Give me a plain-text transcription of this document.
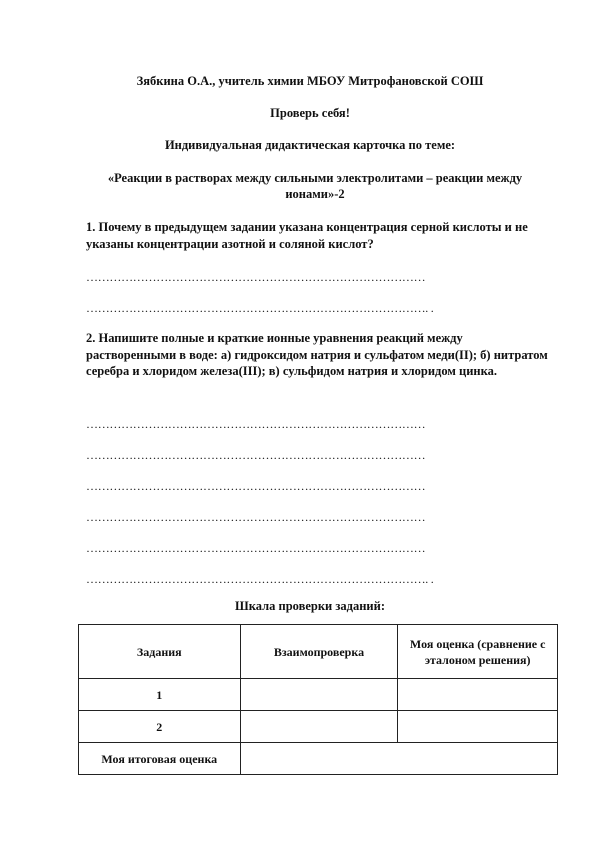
Зябкина О.А., учитель химии МБОУ Митрофановской СОШ
Проверь себя!
Индивидуальная дидактическая карточка по теме:
«Реакции в растворах между сильными электролитами – реакции между ионами»-2
1. Почему в предыдущем задании указана концентрация серной кислоты и не указаны концентрации азотной и соляной кислот?
……………………………………………………………………………
……………………………………………………………………………. .
2. Напишите полные и краткие ионные уравнения реакций между растворенными в воде: а) гидроксидом натрия и сульфатом меди(II); б) нитратом серебра и хлоридом железа(III); в) сульфидом натрия и хлоридом цинка.
……………………………………………………………………………
……………………………………………………………………………
……………………………………………………………………………
……………………………………………………………………………
……………………………………………………………………………
……………………………………………………………………………. .
Шкала проверки заданий:
Задания	Взаимопроверка	Моя оценка (сравнение с эталоном решения)
1		
2		
Моя итоговая оценка		
